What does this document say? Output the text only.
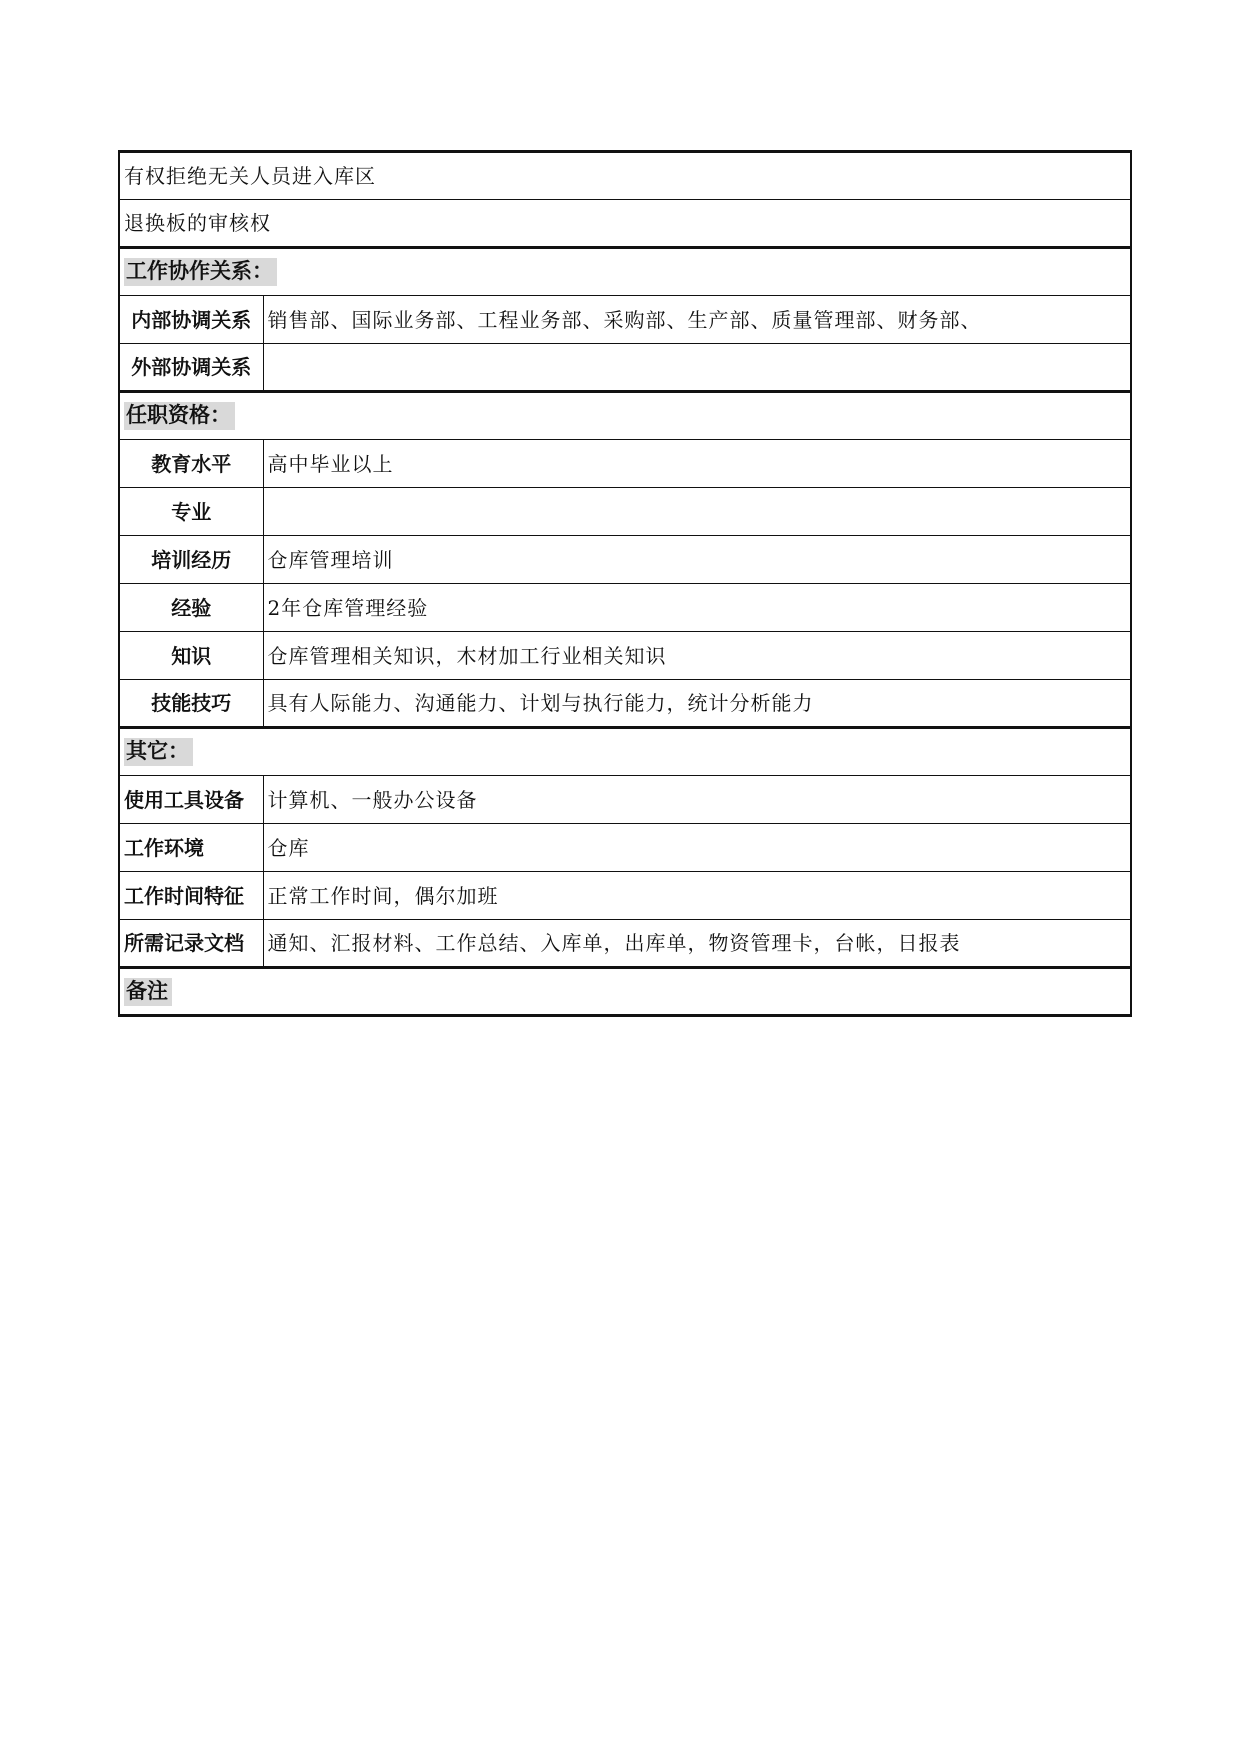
有权拒绝无关人员进入库区	
退换板的审核权	
工作协作关系：	
内部协调关系	销售部、国际业务部、工程业务部、采购部、生产部、质量管理部、财务部、
外部协调关系	
任职资格：	
教育水平	高中毕业以上
专业	
培训经历	仓库管理培训
经验	2年仓库管理经验
知识	仓库管理相关知识，木材加工行业相关知识
技能技巧	具有人际能力、沟通能力、计划与执行能力，统计分析能力
其它：	
使用工具设备	计算机、一般办公设备
工作环境	仓库
工作时间特征	正常工作时间，偶尔加班
所需记录文档	通知、汇报材料、工作总结、入库单，出库单，物资管理卡，台帐，日报表
备注	
